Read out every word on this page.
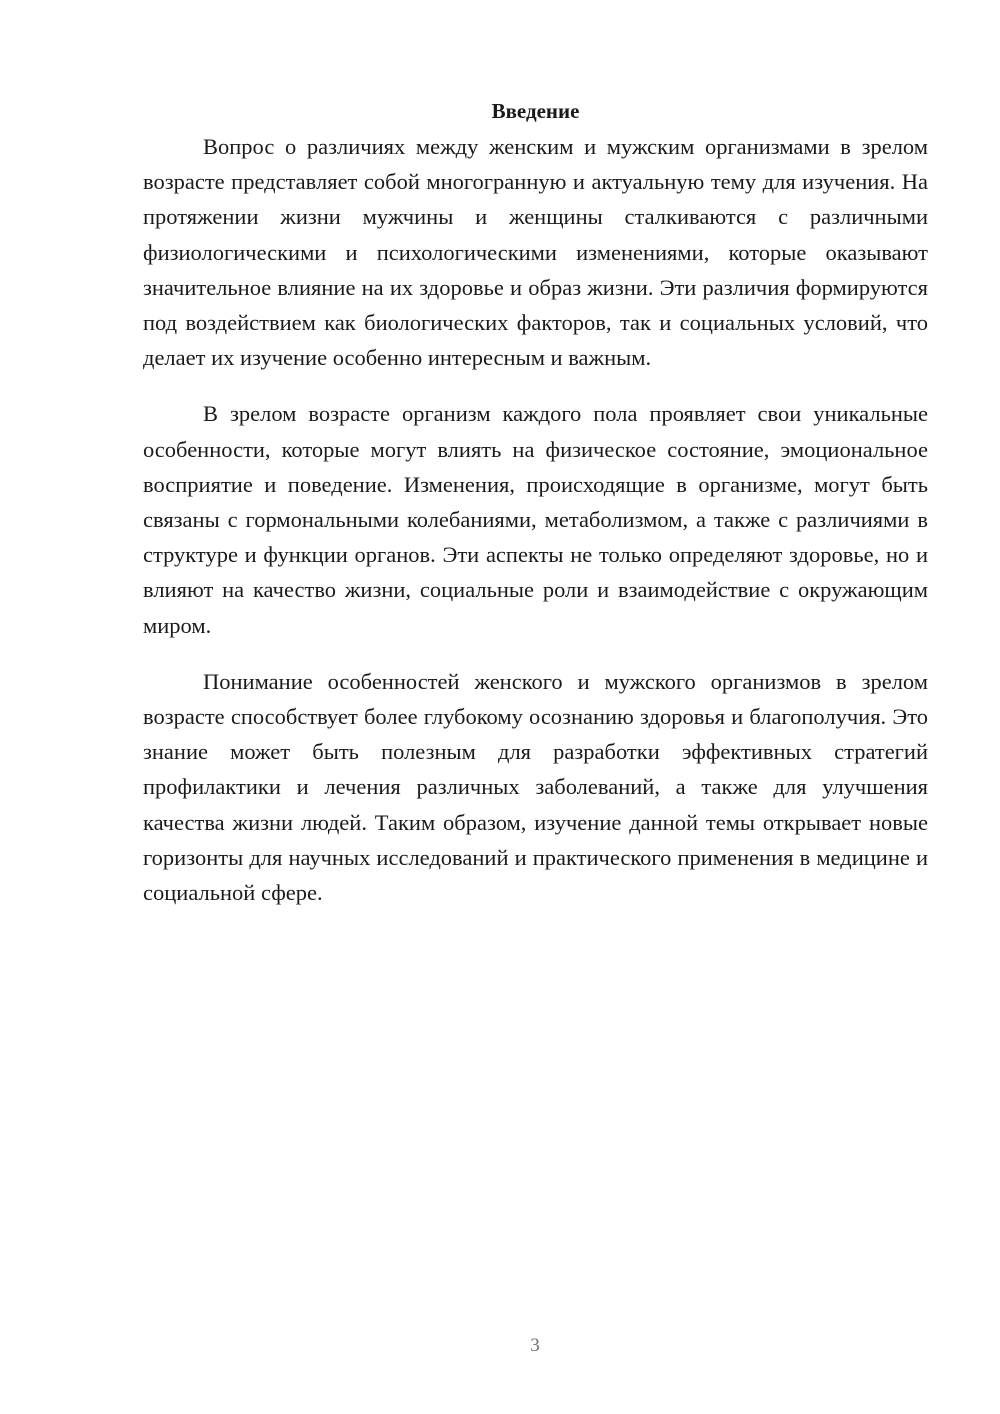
Введение

Вопрос о различиях между женским и мужским организмами в зрелом возрасте представляет собой многогранную и актуальную тему для изучения. На протяжении жизни мужчины и женщины сталкиваются с различными физиологическими и психологическими изменениями, которые оказывают значительное влияние на их здоровье и образ жизни. Эти различия формируются под воздействием как биологических факторов, так и социальных условий, что делает их изучение особенно интересным и важным.

В зрелом возрасте организм каждого пола проявляет свои уникальные особенности, которые могут влиять на физическое состояние, эмоциональное восприятие и поведение. Изменения, происходящие в организме, могут быть связаны с гормональными колебаниями, метаболизмом, а также с различиями в структуре и функции органов. Эти аспекты не только определяют здоровье, но и влияют на качество жизни, социальные роли и взаимодействие с окружающим миром.

Понимание особенностей женского и мужского организмов в зрелом возрасте способствует более глубокому осознанию здоровья и благополучия. Это знание может быть полезным для разработки эффективных стратегий профилактики и лечения различных заболеваний, а также для улучшения качества жизни людей. Таким образом, изучение данной темы открывает новые горизонты для научных исследований и практического применения в медицине и социальной сфере.

3
